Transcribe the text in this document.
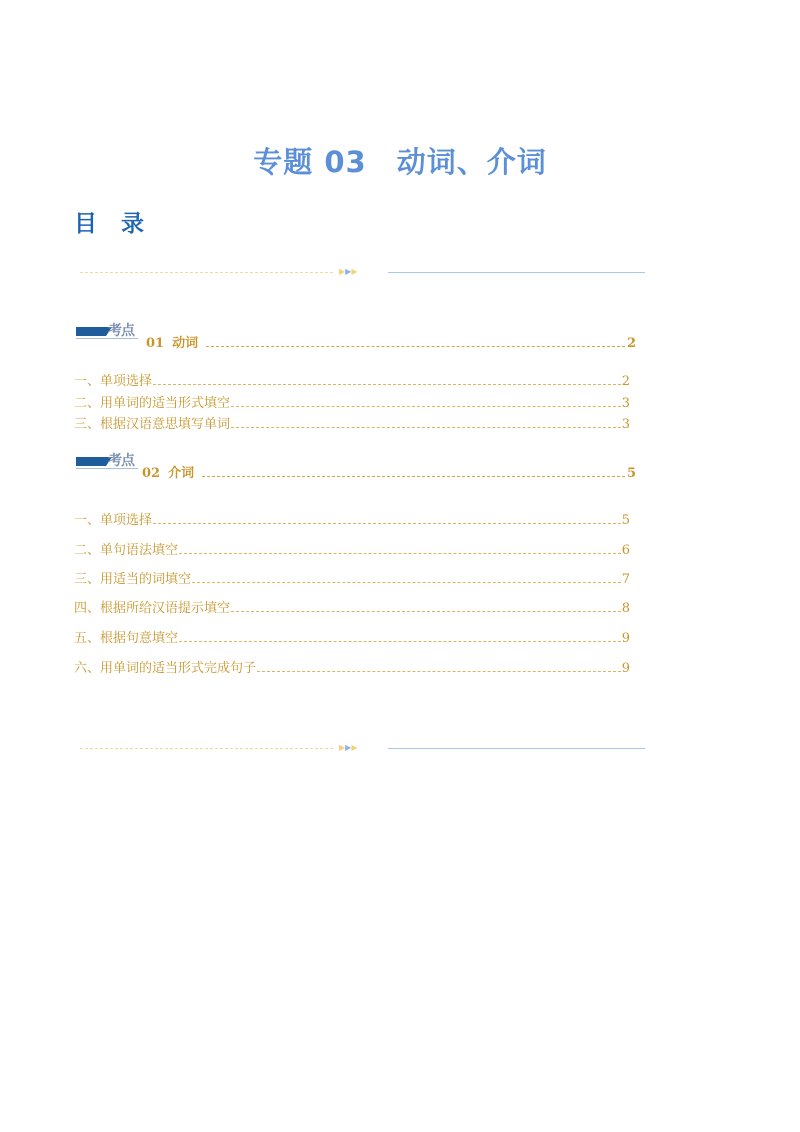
专题 03　动词、介词
目 录
▶▶▶
考点
01 动词	2
一、单项选择	2
二、用单词的适当形式填空	3
三、根据汉语意思填写单词	3
考点
02 介词	5
一、单项选择	5
二、单句语法填空	6
三、用适当的词填空	7
四、根据所给汉语提示填空	8
五、根据句意填空	9
六、用单词的适当形式完成句子	9
▶▶▶
